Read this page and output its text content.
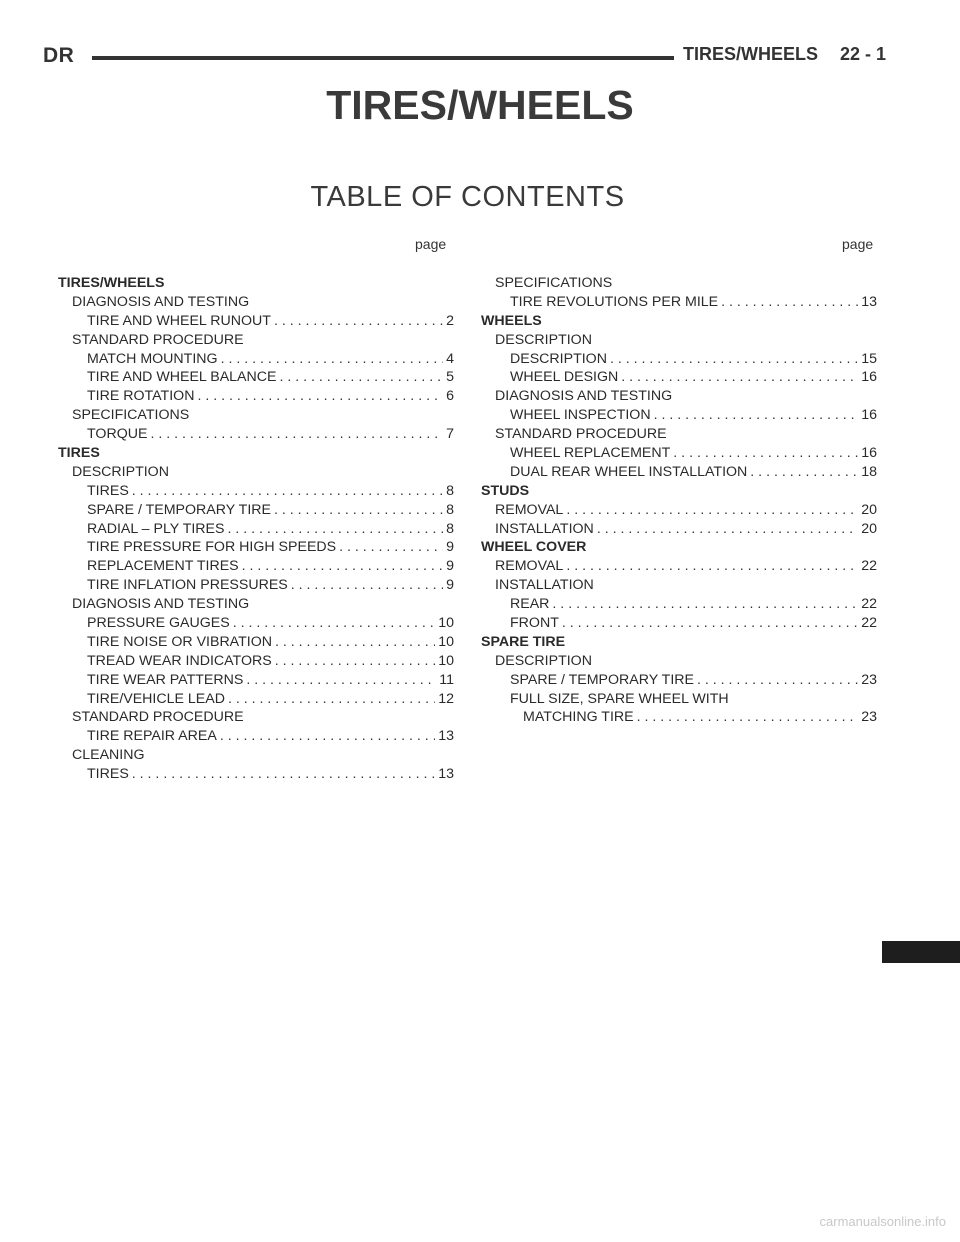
DR	TIRES/WHEELS 22 - 1
TIRES/WHEELS
TABLE OF CONTENTS
page	page
TIRES/WHEELS
DIAGNOSIS AND TESTING
TIRE AND WHEEL RUNOUT . . .	2
STANDARD PROCEDURE
MATCH MOUNTING . . .	4
TIRE AND WHEEL BALANCE . . .	5
TIRE ROTATION . . .	6
SPECIFICATIONS
TORQUE . . .	7
TIRES
DESCRIPTION
TIRES . . .	8
SPARE / TEMPORARY TIRE . . .	8
RADIAL – PLY TIRES . . .	8
TIRE PRESSURE FOR HIGH SPEEDS . . .	9
REPLACEMENT TIRES . . .	9
TIRE INFLATION PRESSURES . . .	9
DIAGNOSIS AND TESTING
PRESSURE GAUGES . . .	10
TIRE NOISE OR VIBRATION . . .	10
TREAD WEAR INDICATORS . . .	10
TIRE WEAR PATTERNS . . .	11
TIRE/VEHICLE LEAD . . .	12
STANDARD PROCEDURE
TIRE REPAIR AREA . . .	13
CLEANING
TIRES . . .	13
SPECIFICATIONS
TIRE REVOLUTIONS PER MILE . . .	13
WHEELS
DESCRIPTION
DESCRIPTION . . .	15
WHEEL DESIGN . . .	16
DIAGNOSIS AND TESTING
WHEEL INSPECTION . . .	16
STANDARD PROCEDURE
WHEEL REPLACEMENT . . .	16
DUAL REAR WHEEL INSTALLATION . . .	18
STUDS
REMOVAL . . .	20
INSTALLATION . . .	20
WHEEL COVER
REMOVAL . . .	22
INSTALLATION
REAR . . .	22
FRONT . . .	22
SPARE TIRE
DESCRIPTION
SPARE / TEMPORARY TIRE . . .	23
FULL SIZE, SPARE WHEEL WITH
MATCHING TIRE . . .	23
carmanualsonline.info
